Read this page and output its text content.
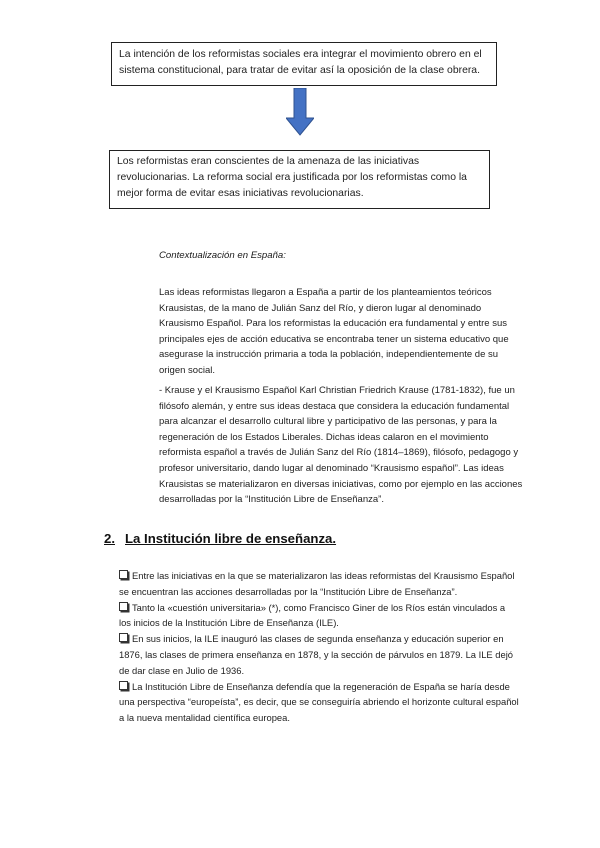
La intención de los reformistas sociales era integrar el movimiento obrero en el sistema constitucional, para tratar de evitar así la oposición de la clase obrera.
Los reformistas eran conscientes de la amenaza de las iniciativas revolucionarias. La reforma social era justificada por los reformistas como la mejor forma de evitar esas iniciativas revolucionarias.
Contextualización en España:
Las ideas reformistas llegaron a España a partir de los planteamientos teóricos Krausistas, de la mano de Julián Sanz del Río, y dieron lugar al denominado Krausismo Español. Para los reformistas la educación era fundamental y entre sus principales ejes de acción educativa se encontraba tener un sistema educativo que asegurase la instrucción primaria a toda la población, independientemente de su origen social.
- Krause y el Krausismo Español Karl Christian Friedrich Krause (1781-1832), fue un filósofo alemán, y entre sus ideas destaca que considera la educación fundamental para alcanzar el desarrollo cultural libre y participativo de las personas, y para la regeneración de los Estados Liberales. Dichas ideas calaron en el movimiento reformista español a través de Julián Sanz del Río (1814–1869), filósofo, pedagogo y profesor universitario, dando lugar al denominado “Krausismo español”. Las ideas Krausistas se materializaron en diversas iniciativas, como por ejemplo en las acciones desarrolladas por la “Institución Libre de Enseñanza”.
2. La Institución libre de enseñanza.

Entre las iniciativas en la que se materializaron las ideas reformistas del Krausismo Español se encuentran las acciones desarrolladas por la “Institución Libre de Enseñanza”.

Tanto la «cuestión universitaria» (*), como Francisco Giner de los Ríos están vinculados a los inicios de la Institución Libre de Enseñanza (ILE).

En sus inicios, la ILE inauguró las clases de segunda enseñanza y educación superior en 1876, las clases de primera enseñanza en 1878, y la sección de párvulos en 1879. La ILE dejó de dar clase en Julio de 1936.

La Institución Libre de Enseñanza defendía que la regeneración de España se haría desde una perspectiva “europeísta”, es decir, que se conseguiría abriendo el horizonte cultural español a la nueva mentalidad científica europea.
